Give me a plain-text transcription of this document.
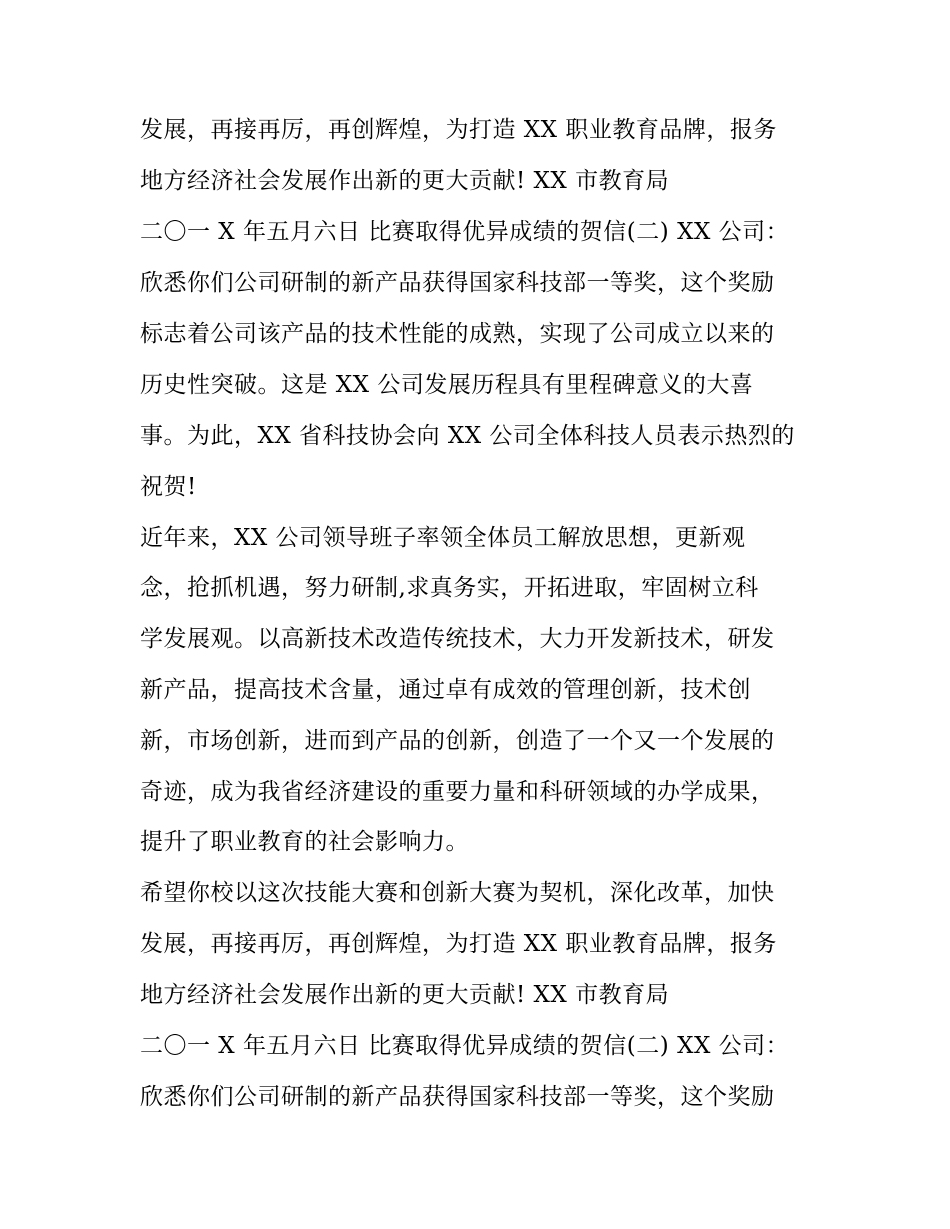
发展，再接再厉，再创辉煌，为打造 XX 职业教育品牌，报务
地方经济社会发展作出新的更大贡献! XX 市教育局
二〇一 X 年五月六日 比赛取得优异成绩的贺信(二) XX 公司：
欣悉你们公司研制的新产品获得国家科技部一等奖，这个奖励
标志着公司该产品的技术性能的成熟，实现了公司成立以来的
历史性突破。这是 XX 公司发展历程具有里程碑意义的大喜
事。为此，XX 省科技协会向 XX 公司全体科技人员表示热烈的
祝贺!
近年来，XX 公司领导班子率领全体员工解放思想，更新观
念，抢抓机遇，努力研制,求真务实，开拓进取，牢固树立科
学发展观。以高新技术改造传统技术，大力开发新技术，研发
新产品，提高技术含量，通过卓有成效的管理创新，技术创
新，市场创新，进而到产品的创新，创造了一个又一个发展的
奇迹，成为我省经济建设的重要力量和科研领域的办学成果，
提升了职业教育的社会影响力。
希望你校以这次技能大赛和创新大赛为契机，深化改革，加快
发展，再接再厉，再创辉煌，为打造 XX 职业教育品牌，报务
地方经济社会发展作出新的更大贡献! XX 市教育局
二〇一 X 年五月六日 比赛取得优异成绩的贺信(二) XX 公司：
欣悉你们公司研制的新产品获得国家科技部一等奖，这个奖励
